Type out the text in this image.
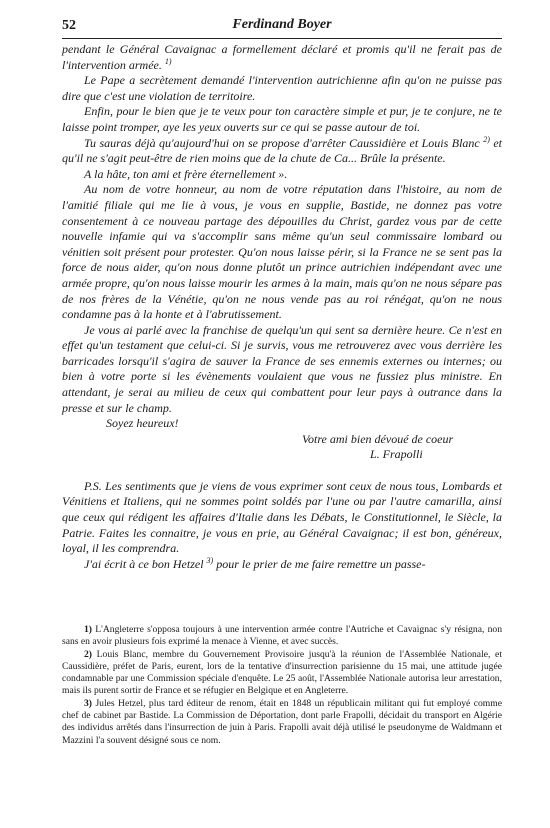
52	Ferdinand Boyer

pendant le Général Cavaignac a formellement déclaré et promis qu'il ne ferait pas de l'intervention armée. $^{1)}$

Le Pape a secrètement demandé l'intervention autrichienne afin qu'on ne puisse pas dire que c'est une violation de territoire.

Enfin, pour le bien que je te veux pour ton caractère simple et pur, je te conjure, ne te laisse point tromper, aye les yeux ouverts sur ce qui se passe autour de toi.

Tu sauras déjà qu'aujourd'hui on se propose d'arrêter Caussidière et Louis Blanc $^{2)}$ et qu'il ne s'agit peut-être de rien moins que de la chute de Ca... Brûle la présente.

A la hâte, ton ami et frère éternellement ».

Au nom de votre honneur, au nom de votre réputation dans l'histoire, au nom de l'amitié filiale qui me lie à vous, je vous en supplie, Bastide, ne donnez pas votre consentement à ce nouveau partage des dépouilles du Christ, gardez vous par de cette nouvelle infamie qui va s'accomplir sans même qu'un seul commissaire lombard ou vénitien soit présent pour protester. Qu'on nous laisse périr, si la France ne se sent pas la force de nous aider, qu'on nous donne plutôt un prince autrichien indépendant avec une armée propre, qu'on nous laisse mourir les armes à la main, mais qu'on ne nous sépare pas de nos frères de la Vénétie, qu'on ne nous vende pas au roi rénégat, qu'on ne nous condamne pas à la honte et à l'abrutissement.

Je vous ai parlé avec la franchise de quelqu'un qui sent sa dernière heure. Ce n'est en effet qu'un testament que celui-ci. Si je survis, vous me retrouverez avec vous derrière les barricades lorsqu'il s'agira de sauver la France de ses ennemis externes ou internes; ou bien à votre porte si les évènements voulaient que vous ne fussiez plus ministre. En attendant, je serai au milieu de ceux qui combattent pour leur pays à outrance dans la presse et sur le champ.

Soyez heureux!

Votre ami bien dévoué de coeur
L. Frapolli

P.S. Les sentiments que je viens de vous exprimer sont ceux de nous tous, Lombards et Vénitiens et Italiens, qui ne sommes point soldés par l'une ou par l'autre camarilla, ainsi que ceux qui rédigent les affaires d'Italie dans les Débats, le Constitutionnel, le Siècle, la Patrie. Faites les connaitre, je vous en prie, au Général Cavaignac; il est bon, généreux, loyal, il les comprendra.

J'ai écrit à ce bon Hetzel $^{3)}$ pour le prier de me faire remettre un passe-

1) L'Angleterre s'opposa toujours à une intervention armée contre l'Autriche et Cavaignac s'y résigna, non sans en avoir plusieurs fois exprimé la menace à Vienne, et avec succès.

2) Louis Blanc, membre du Gouvernement Provisoire jusqu'à la réunion de l'Assemblée Nationale, et Caussidière, préfet de Paris, eurent, lors de la tentative d'insurrection parisienne du 15 mai, une attitude jugée condamnable par une Commission spéciale d'enquête. Le 25 août, l'Assemblée Nationale autorisa leur arrestation, mais ils purent sortir de France et se réfugier en Belgique et en Angleterre.

3) Jules Hetzel, plus tard éditeur de renom, était en 1848 un républicain militant qui fut employé comme chef de cabinet par Bastide. La Commission de Déportation, dont parle Frapolli, décidait du transport en Algérie des individus arrêtés dans l'insurrection de juin à Paris. Frapolli avait déjà utilisé le pseudonyme de Waldmann et Mazzini l'a souvent désigné sous ce nom.
